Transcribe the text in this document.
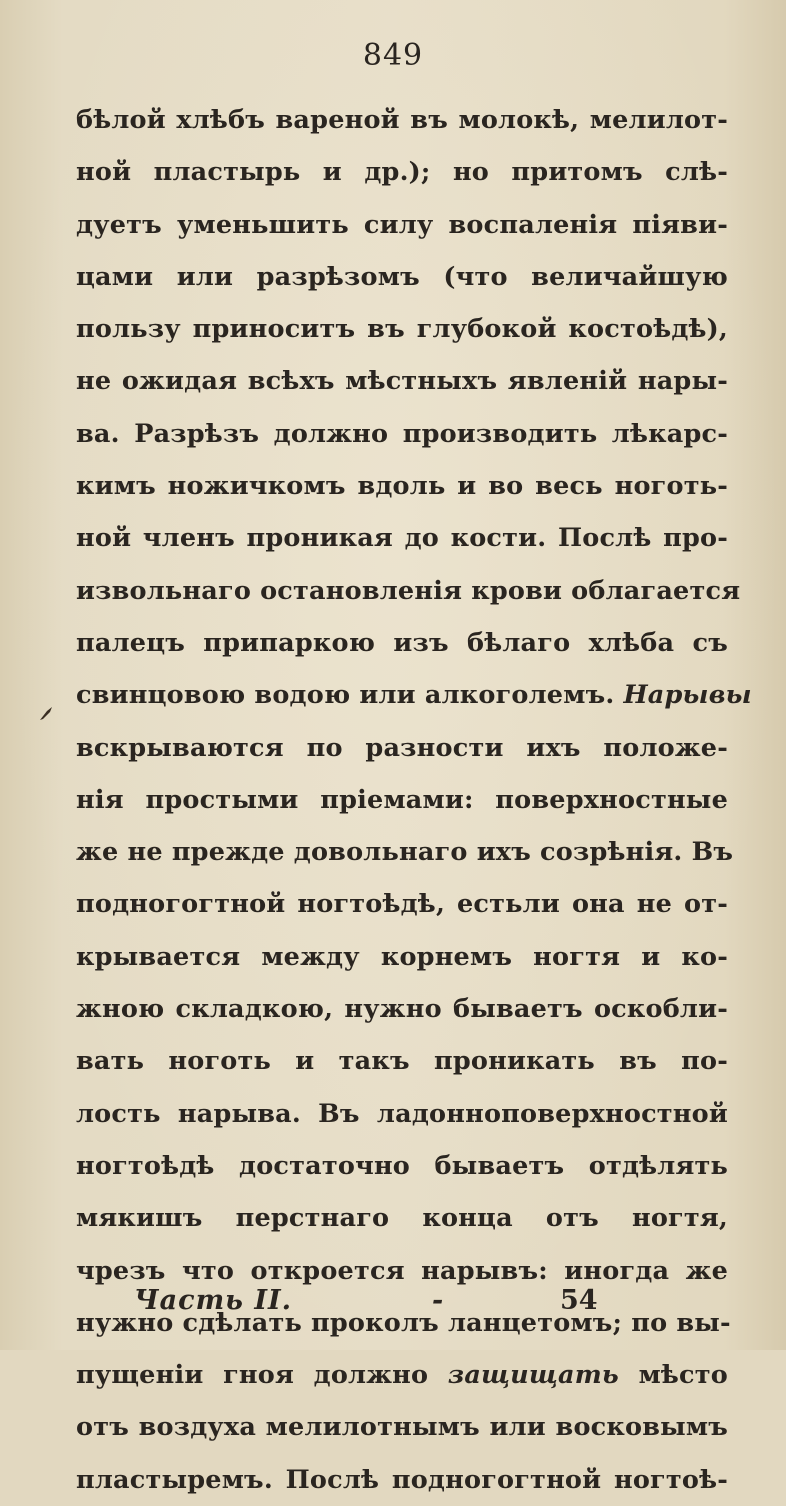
849
бѣлой хлѣбъ вареной въ молокѣ, мелилот-
ной пластырь и др.); но притомъ слѣ-
дуетъ уменьшить силу воспаленія піяви-
цами или разрѣзомъ (что величайшую
пользу приноситъ въ глубокой костоѣдѣ),
не ожидая всѣхъ мѣстныхъ явленій нары-
ва. Разрѣзъ должно производить лѣкарс-
кимъ ножичкомъ вдоль и во весь ноготь-
ной членъ проникая до кости. Послѣ про-
извольнаго остановленія крови облагается
палецъ припаркою изъ бѣлаго хлѣба съ
свинцовою водою или алкоголемъ. Нарывы
вскрываются по разности ихъ положе-
нія простыми пріемами: поверхностные
же не прежде довольнаго ихъ созрѣнія. Въ
подногогтной ногтоѣдѣ, естьли она не от-
крывается между корнемъ ногтя и ко-
жною складкою, нужно бываетъ оскобли-
вать ноготь и такъ проникать въ по-
лость нарыва. Въ ладонноповерхностной
ногтоѣдѣ достаточно бываетъ отдѣлять
мякишъ перстнаго конца отъ ногтя,
чрезъ что откроется нарывъ: иногда же
нужно сдѣлать проколъ ланцетомъ; по вы-
пущеніи гноя должно защищать мѣсто
отъ воздуха мелилотнымъ или восковымъ
пластыремъ. Послѣ подногогтной ногтоѣ-
Часть II.	-	54
